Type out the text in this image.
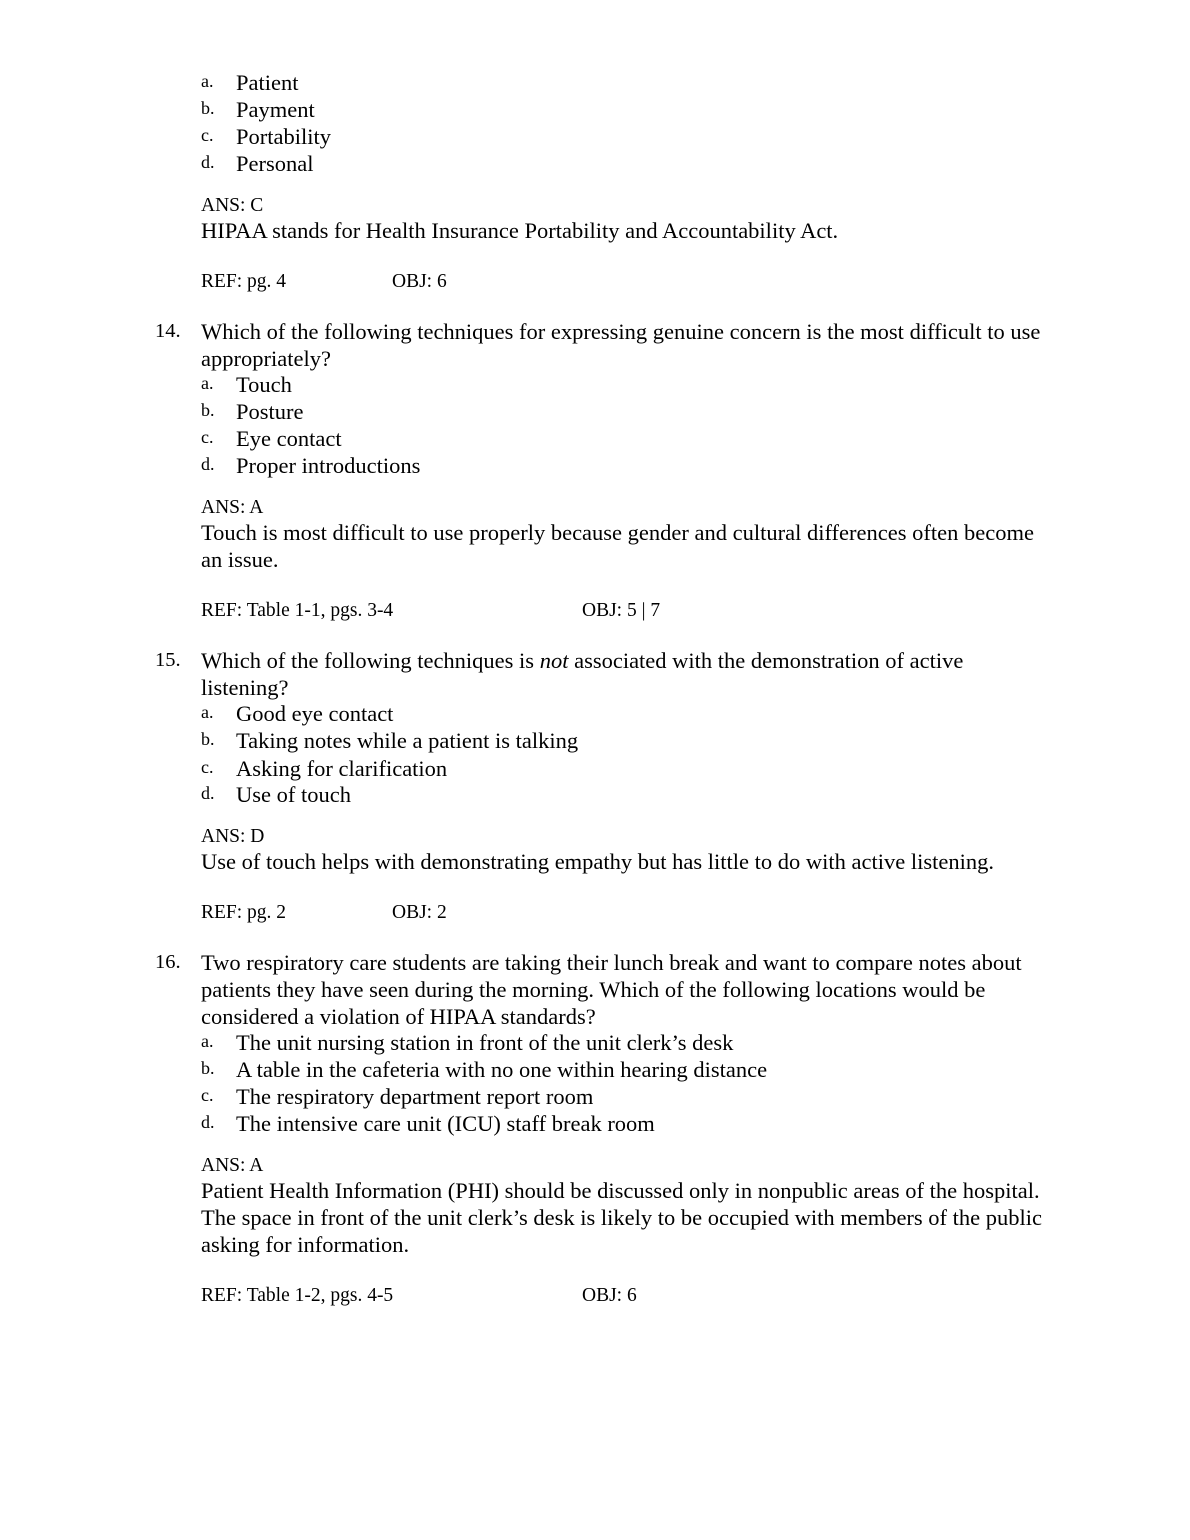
a. Patient
b. Payment
c. Portability
d. Personal
ANS: C
HIPAA stands for Health Insurance Portability and Accountability Act.
REF: pg. 4	OBJ: 6
14. Which of the following techniques for expressing genuine concern is the most difficult to use
appropriately?
a. Touch
b. Posture
c. Eye contact
d. Proper introductions
ANS: A
Touch is most difficult to use properly because gender and cultural differences often become
an issue.
REF: Table 1-1, pgs. 3-4	OBJ: 5 | 7
15. Which of the following techniques is not associated with the demonstration of active
listening?
a. Good eye contact
b. Taking notes while a patient is talking
c. Asking for clarification
d. Use of touch
ANS: D
Use of touch helps with demonstrating empathy but has little to do with active listening.
REF: pg. 2	OBJ: 2
16. Two respiratory care students are taking their lunch break and want to compare notes about
patients they have seen during the morning. Which of the following locations would be
considered a violation of HIPAA standards?
a. The unit nursing station in front of the unit clerk’s desk
b. A table in the cafeteria with no one within hearing distance
c. The respiratory department report room
d. The intensive care unit (ICU) staff break room
ANS: A
Patient Health Information (PHI) should be discussed only in nonpublic areas of the hospital.
The space in front of the unit clerk’s desk is likely to be occupied with members of the public
asking for information.
REF: Table 1-2, pgs. 4-5	OBJ: 6
